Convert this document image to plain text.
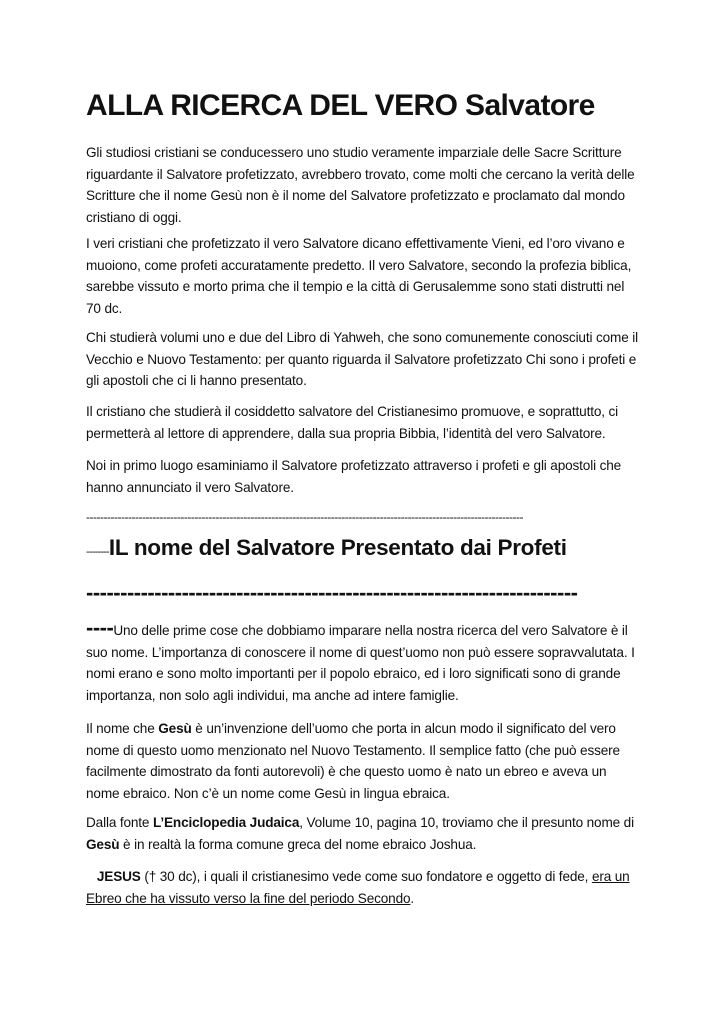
ALLA RICERCA DEL VERO Salvatore

Gli studiosi cristiani se conducessero uno studio veramente imparziale delle Sacre Scritture riguardante il Salvatore profetizzato, avrebbero trovato, come molti che cercano la verità delle Scritture che il nome Gesù non è il nome del Salvatore profetizzato e proclamato dal mondo cristiano di oggi.

I veri cristiani che profetizzato il vero Salvatore dicano effettivamente Vieni, ed l’oro vivano e muoiono, come profeti accuratamente predetto. Il vero Salvatore, secondo la profezia biblica, sarebbe vissuto e morto prima che il tempio e la città di Gerusalemme sono stati distrutti nel 70 dc.

Chi studierà volumi uno e due del Libro di Yahweh, che sono comunemente conosciuti come il Vecchio e Nuovo Testamento: per quanto riguarda il Salvatore profetizzato Chi sono i profeti e gli apostoli che ci li hanno presentato.

Il cristiano che studierà il cosiddetto salvatore del Cristianesimo promuove, e soprattutto, ci permetterà al lettore di apprendere, dalla sua propria Bibbia, l’identità del vero Salvatore.

Noi in primo luogo esaminiamo il Salvatore profetizzato attraverso i profeti e gli apostoli che hanno annunciato il vero Salvatore.

-----------------------------------------------------------------------------------------------------------------------------
--------IL nome del Salvatore Presentato dai Profeti
------------------------------------------------------------------------

----Uno delle prime cose che dobbiamo imparare nella nostra ricerca del vero Salvatore è il suo nome. L’importanza di conoscere il nome di quest’uomo non può essere sopravvalutata. I nomi erano e sono molto importanti per il popolo ebraico, ed i loro significati sono di grande importanza, non solo agli individui, ma anche ad intere famiglie.

Il nome che Gesù è un’invenzione dell’uomo che porta in alcun modo il significato del vero nome di questo uomo menzionato nel Nuovo Testamento. Il semplice fatto (che può essere facilmente dimostrato da fonti autorevoli) è che questo uomo è nato un ebreo e aveva un nome ebraico. Non c’è un nome come Gesù in lingua ebraica.

Dalla fonte L’Enciclopedia Judaica, Volume 10, pagina 10, troviamo che il presunto nome di Gesù è in realtà la forma comune greca del nome ebraico Joshua.

JESUS († 30 dc), i quali il cristianesimo vede come suo fondatore e oggetto di fede, era un Ebreo che ha vissuto verso la fine del periodo Secondo.
